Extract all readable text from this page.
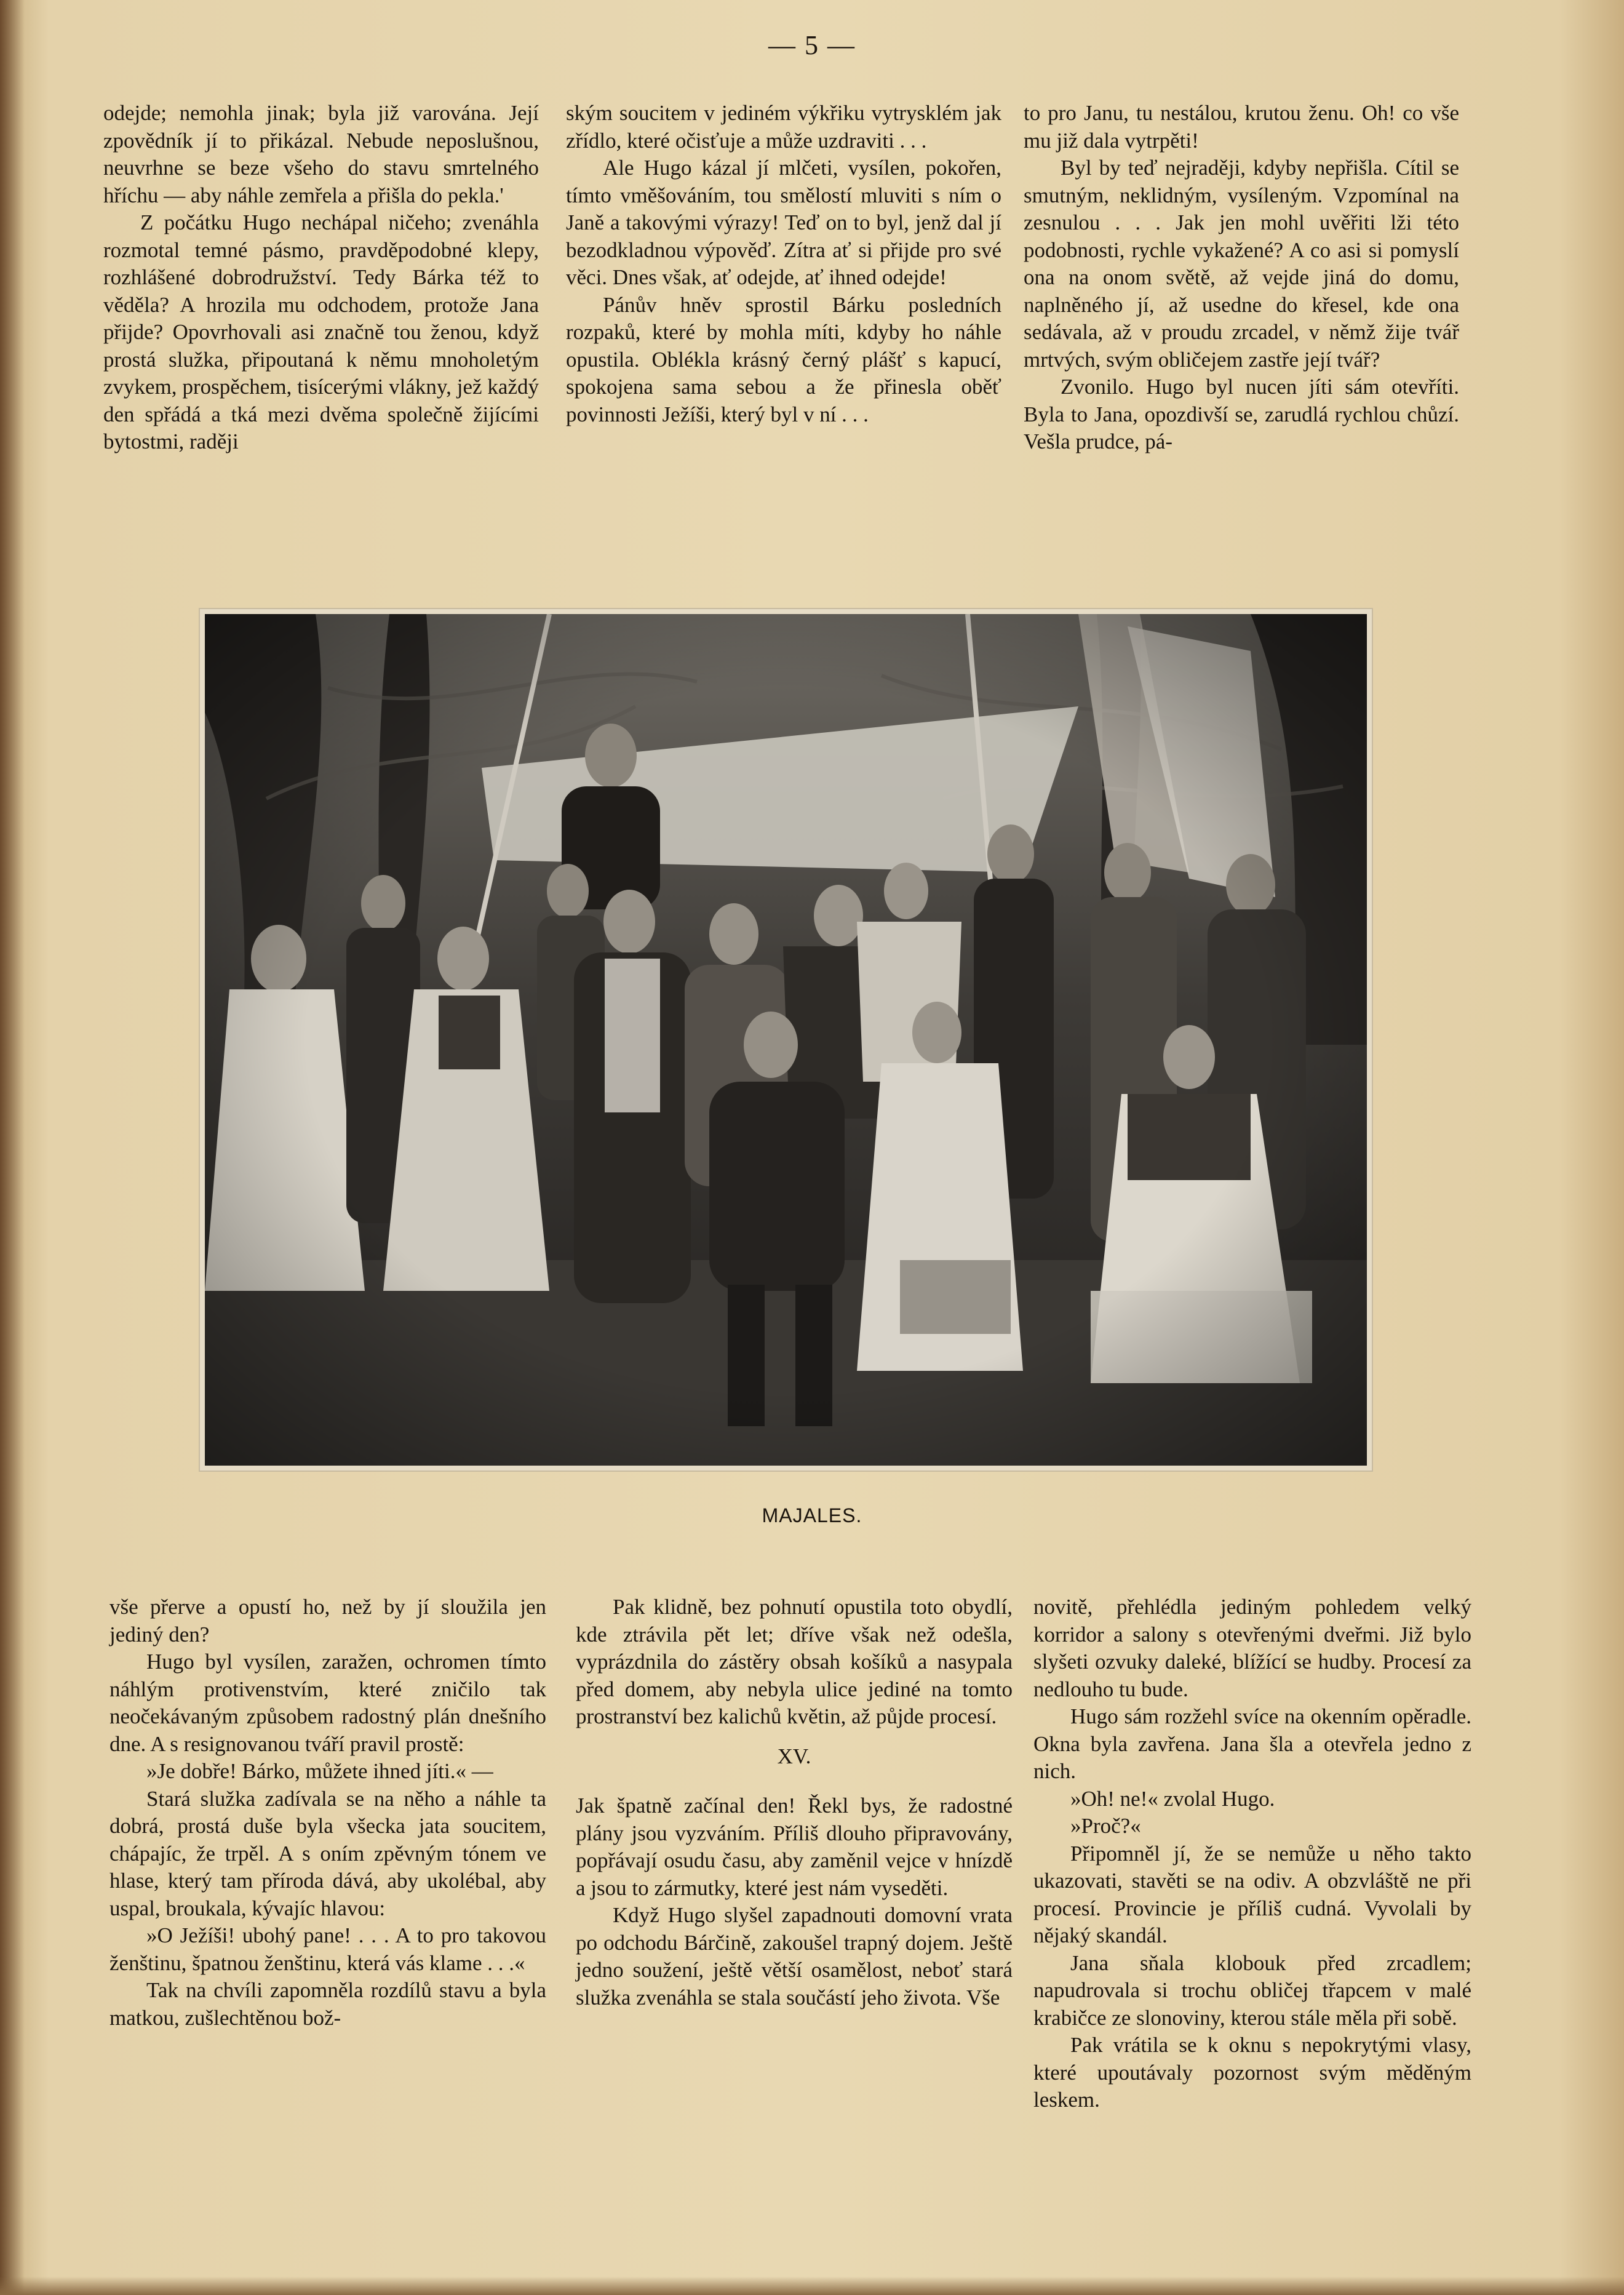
— 5 —

odejde; nemohla jinak; byla již varována. Její zpovědník jí to přikázal. Nebude neposlušnou, neuvrhne se beze všeho do stavu smrtelného hříchu — aby náhle zemřela a přišla do pekla.'

Z počátku Hugo nechápal ničeho; zvenáhla rozmotal temné pásmo, pravděpodobné klepy, rozhlášené dobrodružství. Tedy Bárka též to věděla? A hrozila mu odchodem, protože Jana přijde? Opovrhovali asi značně tou ženou, když prostá služka, připoutaná k němu mnoholetým zvykem, prospěchem, tisícerými vlákny, jež každý den spřádá a tká mezi dvěma společně žijícími bytostmi, raději

ským soucitem v jediném výkřiku vytrysklém jak zřídlo, které očisťuje a může uzdraviti . . .

Ale Hugo kázal jí mlčeti, vysílen, pokořen, tímto vměšováním, tou smělostí mluviti s ním o Janě a takovými výrazy! Teď on to byl, jenž dal jí bezodkladnou výpověď. Zítra ať si přijde pro své věci. Dnes však, ať odejde, ať ihned odejde!

Pánův hněv sprostil Bárku posledních rozpaků, které by mohla míti, kdyby ho náhle opustila. Oblékla krásný černý plášť s kapucí, spokojena sama sebou a že přinesla oběť povinnosti Ježíši, který byl v ní . . .

to pro Janu, tu nestálou, krutou ženu. Oh! co vše mu již dala vytrpěti!

Byl by teď nejraději, kdyby nepřišla. Cítil se smutným, neklidným, vysíleným. Vzpomínal na zesnulou . . . Jak jen mohl uvěřiti lži této podobnosti, rychle vykažené? A co asi si pomyslí ona na onom světě, až vejde jiná do domu, naplněného jí, až usedne do křesel, kde ona sedávala, až v proudu zrcadel, v němž žije tvář mrtvých, svým obličejem zastře její tvář?

Zvonilo. Hugo byl nucen jíti sám otevříti. Byla to Jana, opozdivší se, zarudlá rychlou chůzí. Vešla prudce, pá-

MAJALES.

vše přerve a opustí ho, než by jí sloužila jen jediný den?

Hugo byl vysílen, zaražen, ochromen tímto náhlým protivenstvím, které zničilo tak neočekávaným způsobem radostný plán dnešního dne. A s resignovanou tváří pravil prostě:

»Je dobře! Bárko, můžete ihned jíti.« —

Stará služka zadívala se na něho a náhle ta dobrá, prostá duše byla všecka jata soucitem, chápajíc, že trpěl. A s oním zpěvným tónem ve hlase, který tam příroda dává, aby ukolébal, aby uspal, broukala, kývajíc hlavou:

»O Ježíši! ubohý pane! . . . A to pro takovou ženštinu, špatnou ženštinu, která vás klame . . .«

Tak na chvíli zapomněla rozdílů stavu a byla matkou, zušlechtěnou bož-

Pak klidně, bez pohnutí opustila toto obydlí, kde ztrávila pět let; dříve však než odešla, vyprázdnila do zástěry obsah košíků a nasypala před domem, aby nebyla ulice jediné na tomto prostranství bez kalichů květin, až půjde procesí.

XV.

Jak špatně začínal den! Řekl bys, že radostné plány jsou vyzváním. Příliš dlouho připravovány, popřávají osudu času, aby zaměnil vejce v hnízdě a jsou to zármutky, které jest nám vyseděti.

Když Hugo slyšel zapadnouti domovní vrata po odchodu Bárčině, zakoušel trapný dojem. Ještě jedno soužení, ještě větší osamělost, neboť stará služka zvenáhla se stala součástí jeho života. Vše

novitě, přehlédla jediným pohledem velký korridor a salony s otevřenými dveřmi. Již bylo slyšeti ozvuky daleké, blížící se hudby. Procesí za nedlouho tu bude.

Hugo sám rozžehl svíce na okenním opěradle. Okna byla zavřena. Jana šla a otevřela jedno z nich.

»Oh! ne!« zvolal Hugo.

»Proč?«

Připomněl jí, že se nemůže u něho takto ukazovati, stavěti se na odiv. A obzvláště ne při procesí. Provincie je příliš cudná. Vyvolali by nějaký skandál.

Jana sňala klobouk před zrcadlem; napudrovala si trochu obličej třapcem v malé krabičce ze slonoviny, kterou stále měla při sobě.

Pak vrátila se k oknu s nepokrytými vlasy, které upoutávaly pozornost svým měděným leskem.
